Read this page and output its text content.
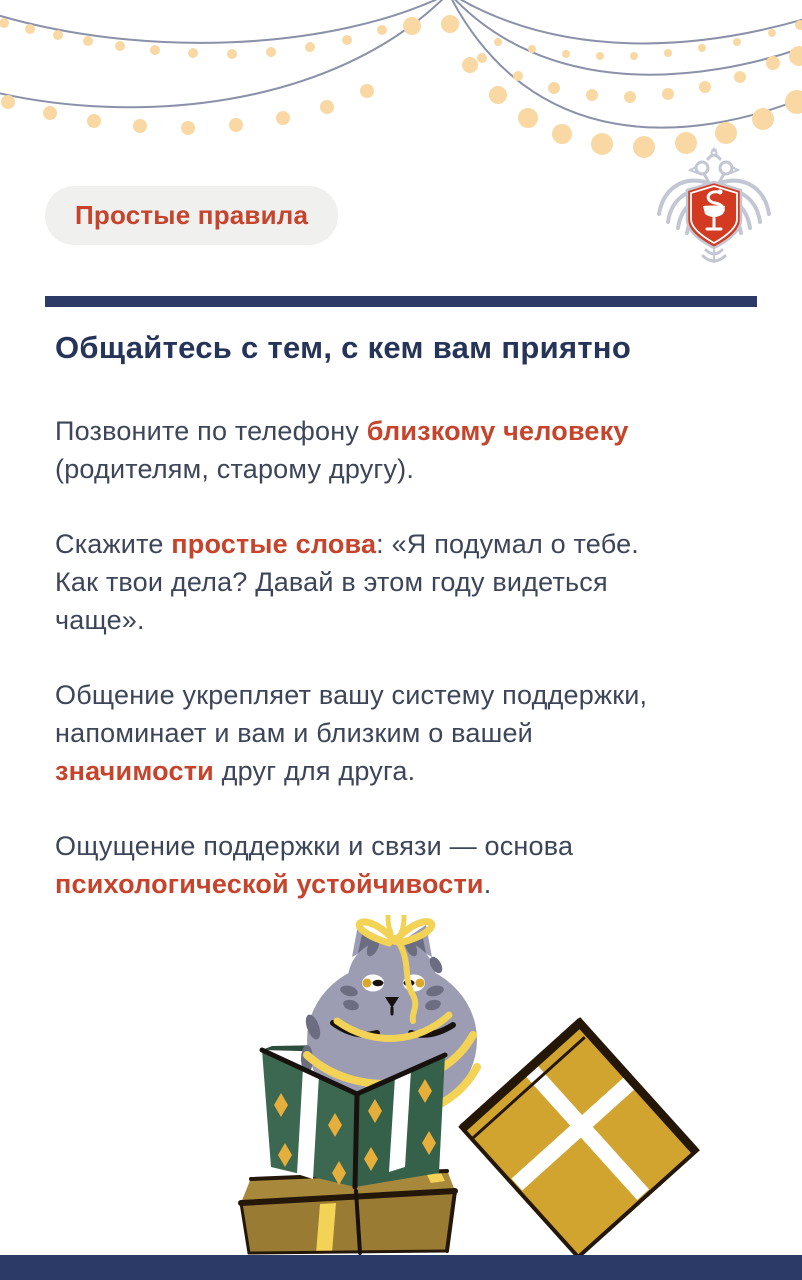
Простые правила
Общайтесь с тем, с кем вам приятно

Позвоните по телефону близкому человеку
(родителям, старому другу).

Скажите простые слова: «Я подумал о тебе.
Как твои дела? Давай в этом году видеться
чаще».

Общение укрепляет вашу систему поддержки,
напоминает и вам и близким о вашей
значимости друг для друга.

Ощущение поддержки и связи — основа
психологической устойчивости.
